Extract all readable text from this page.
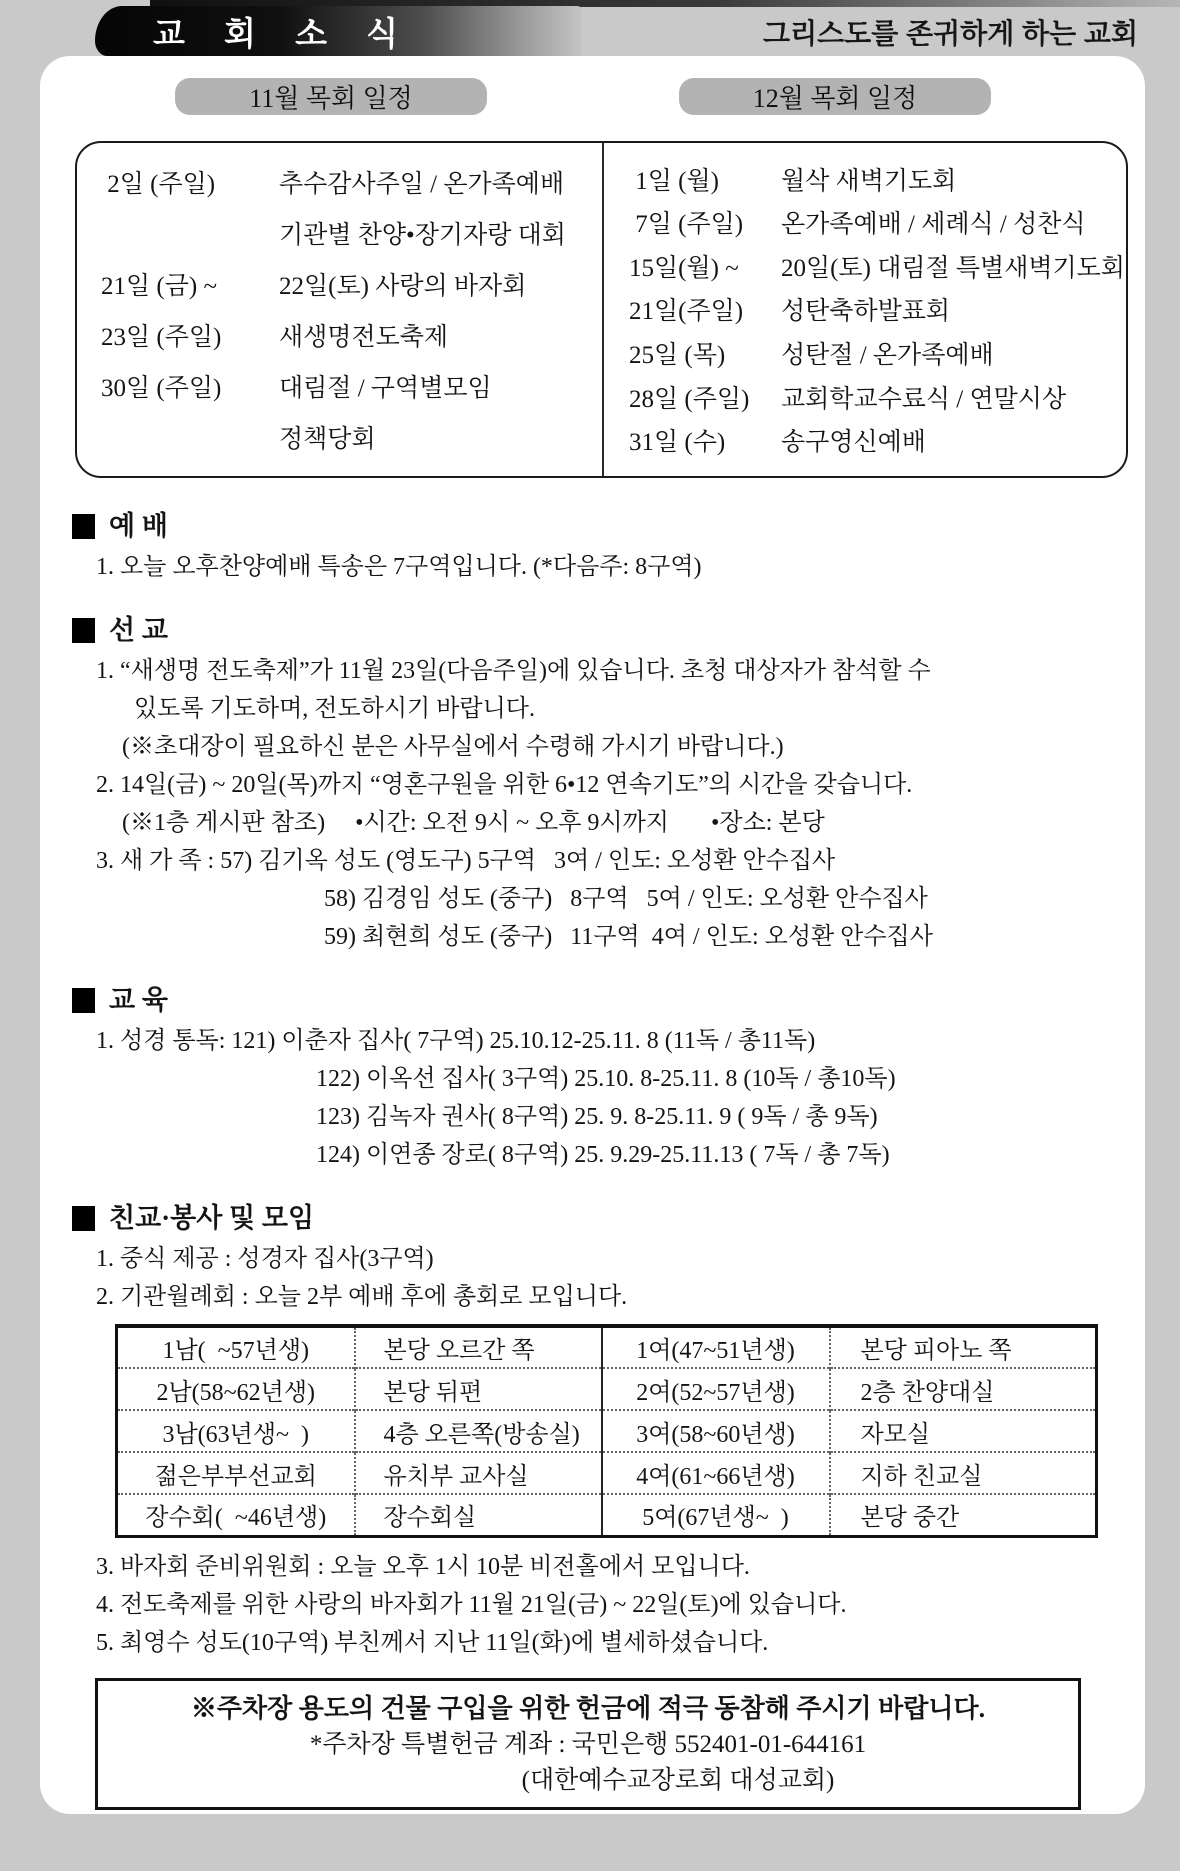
교 회 소 식	그리스도를 존귀하게 하는 교회
11월 목회 일정	12월 목회 일정
2일 (주일)	추수감사주일 / 온가족예배
기관별 찬양•장기자랑 대회
21일 (금) ~	22일(토) 사랑의 바자회
23일 (주일)	새생명전도축제
30일 (주일)	대림절 / 구역별모임
정책당회
1일 (월)	월삭 새벽기도회
7일 (주일)	온가족예배 / 세례식 / 성찬식
15일(월) ~	20일(토) 대림절 특별새벽기도회
21일(주일)	성탄축하발표회
25일 (목)	성탄절 / 온가족예배
28일 (주일)	교회학교수료식 / 연말시상
31일 (수)	송구영신예배
예 배
1. 오늘 오후찬양예배 특송은 7구역입니다. (*다음주: 8구역)
선 교
1. “새생명 전도축제”가 11월 23일(다음주일)에 있습니다. 초청 대상자가 참석할 수
있도록 기도하며, 전도하시기 바랍니다.
(※초대장이 필요하신 분은 사무실에서 수령해 가시기 바랍니다.)
2. 14일(금) ~ 20일(목)까지 “영혼구원을 위한 6•12 연속기도”의 시간을 갖습니다.
(※1층 게시판 참조)     •시간: 오전 9시 ~ 오후 9시까지       •장소: 본당
3. 새 가 족 : 57) 김기옥 성도 (영도구) 5구역   3여 / 인도: 오성환 안수집사
58) 김경임 성도 (중구)   8구역   5여 / 인도: 오성환 안수집사
59) 최현희 성도 (중구)   11구역  4여 / 인도: 오성환 안수집사
교 육
1. 성경 통독: 121) 이춘자 집사( 7구역) 25.10.12-25.11. 8 (11독 / 총11독)
122) 이옥선 집사( 3구역) 25.10. 8-25.11. 8 (10독 / 총10독)
123) 김녹자 권사( 8구역) 25. 9. 8-25.11. 9 ( 9독 / 총 9독)
124) 이연종 장로( 8구역) 25. 9.29-25.11.13 ( 7독 / 총 7독)
친교·봉사 및 모임
1. 중식 제공 : 성경자 집사(3구역)
2. 기관월례회 : 오늘 2부 예배 후에 총회로 모입니다.
1남(  ~57년생)	본당 오르간 쪽	1여(47~51년생)	본당 피아노 쪽
2남(58~62년생)	본당 뒤편	2여(52~57년생)	2층 찬양대실
3남(63년생~  )	4층 오른쪽(방송실)	3여(58~60년생)	자모실
젊은부부선교회	유치부 교사실	4여(61~66년생)	지하 친교실
장수회(  ~46년생)	장수회실	5여(67년생~  )	본당 중간
3. 바자회 준비위원회 : 오늘 오후 1시 10분 비전홀에서 모입니다.
4. 전도축제를 위한 사랑의 바자회가 11월 21일(금) ~ 22일(토)에 있습니다.
5. 최영수 성도(10구역) 부친께서 지난 11일(화)에 별세하셨습니다.
※주차장 용도의 건물 구입을 위한 헌금에 적극 동참해 주시기 바랍니다.
*주차장 특별헌금 계좌 : 국민은행 552401-01-644161
(대한예수교장로회 대성교회)
